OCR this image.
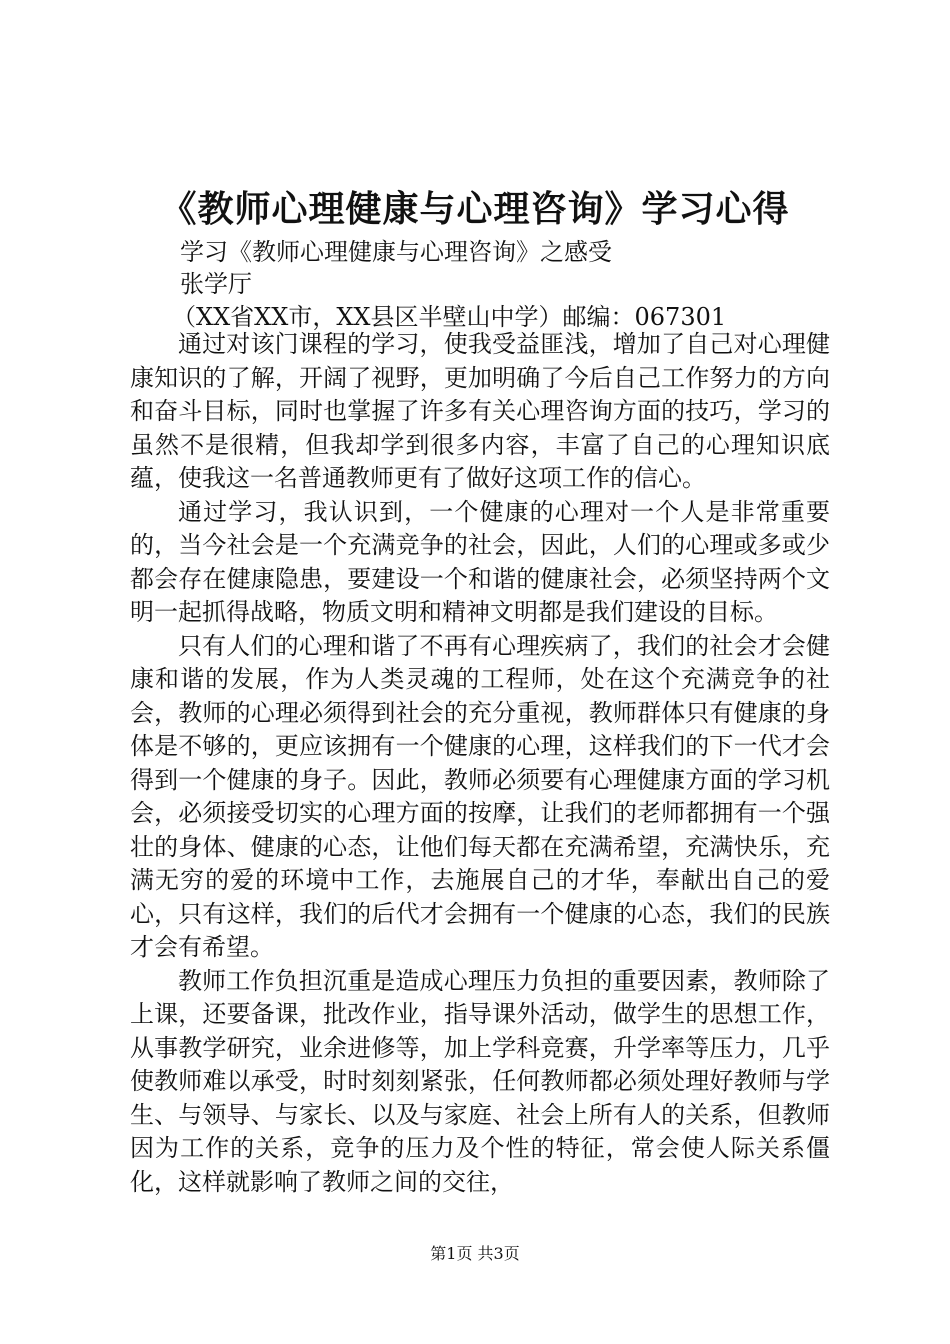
《教师心理健康与心理咨询》学习心得
学习《教师心理健康与心理咨询》之感受
张学厅
（XX省XX市，XX县区半壁山中学）邮编：067301

通过对该门课程的学习，使我受益匪浅，增加了自己对心理健康知识的了解，开阔了视野，更加明确了今后自己工作努力的方向和奋斗目标，同时也掌握了许多有关心理咨询方面的技巧，学习的虽然不是很精，但我却学到很多内容，丰富了自己的心理知识底蕴，使我这一名普通教师更有了做好这项工作的信心。

通过学习，我认识到，一个健康的心理对一个人是非常重要的，当今社会是一个充满竞争的社会，因此，人们的心理或多或少都会存在健康隐患，要建设一个和谐的健康社会，必须坚持两个文明一起抓得战略，物质文明和精神文明都是我们建设的目标。

只有人们的心理和谐了不再有心理疾病了，我们的社会才会健康和谐的发展，作为人类灵魂的工程师，处在这个充满竞争的社会，教师的心理必须得到社会的充分重视，教师群体只有健康的身体是不够的，更应该拥有一个健康的心理，这样我们的下一代才会得到一个健康的身子。因此，教师必须要有心理健康方面的学习机会，必须接受切实的心理方面的按摩，让我们的老师都拥有一个强壮的身体、健康的心态，让他们每天都在充满希望，充满快乐，充满无穷的爱的环境中工作，去施展自己的才华，奉献出自己的爱心，只有这样，我们的后代才会拥有一个健康的心态，我们的民族才会有希望。

教师工作负担沉重是造成心理压力负担的重要因素，教师除了上课，还要备课，批改作业，指导课外活动，做学生的思想工作，从事教学研究，业余进修等，加上学科竞赛，升学率等压力，几乎使教师难以承受，时时刻刻紧张，任何教师都必须处理好教师与学生、与领导、与家长、以及与家庭、社会上所有人的关系，但教师因为工作的关系，竞争的压力及个性的特征，常会使人际关系僵化，这样就影响了教师之间的交往，

第1页 共3页
